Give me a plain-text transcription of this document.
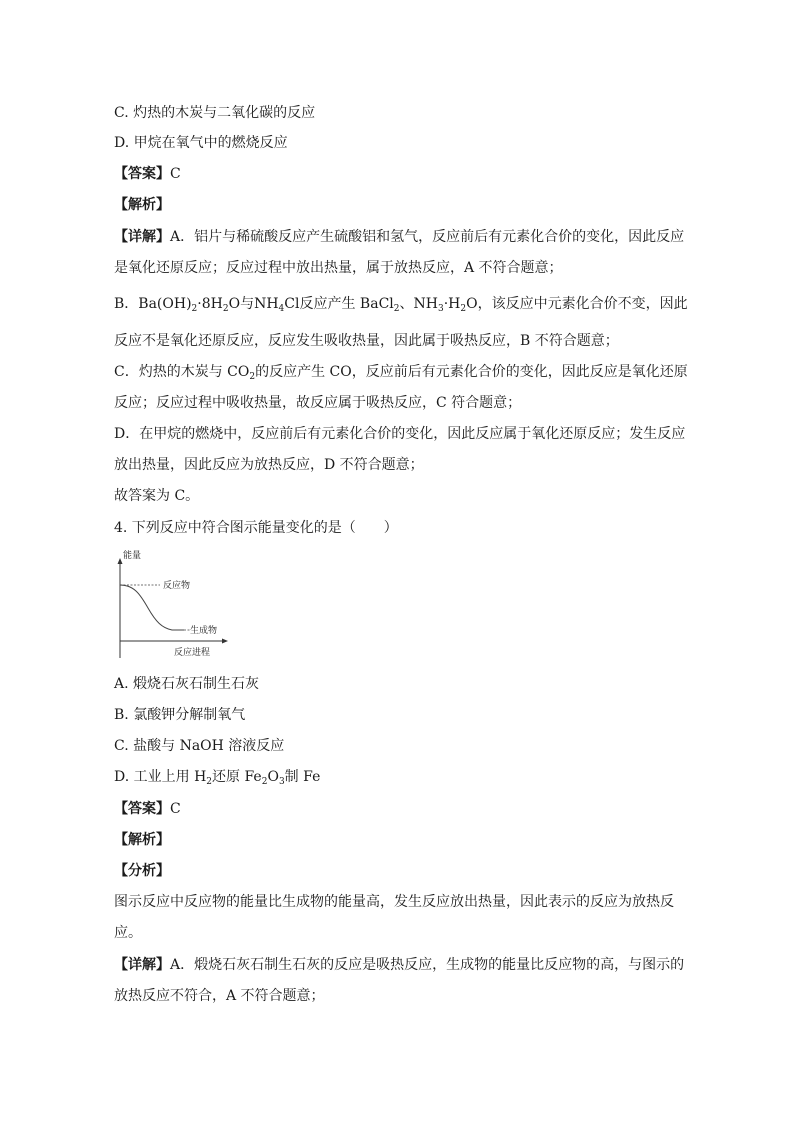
C. 灼热的木炭与二氧化碳的反应
D. 甲烷在氧气中的燃烧反应
【答案】C
【解析】
【详解】A．铝片与稀硫酸反应产生硫酸铝和氢气，反应前后有元素化合价的变化，因此反应
是氧化还原反应；反应过程中放出热量，属于放热反应，A 不符合题意；
B．$Ba(OH)_2\cdot 8H_2O$与$NH_4Cl$反应产生 BaCl$_2$、$NH_3\cdot H_2O$，该反应中元素化合价不变，因此
反应不是氧化还原反应，反应发生吸收热量，因此属于吸热反应，B 不符合题意；
C．灼热的木炭与 $CO_2$的反应产生 CO，反应前后有元素化合价的变化，因此反应是氧化还原
反应；反应过程中吸收热量，故反应属于吸热反应，C 符合题意；
D．在甲烷的燃烧中，反应前后有元素化合价的变化，因此反应属于氧化还原反应；发生反应
放出热量，因此反应为放热反应，D 不符合题意；
故答案为 C。
4. 下列反应中符合图示能量变化的是（　　）
能量
反应物
生成物
反应进程
A. 煅烧石灰石制生石灰
B. 氯酸钾分解制氧气
C. 盐酸与 NaOH 溶液反应
D. 工业上用 $H_2$还原 $Fe_2O_3$制 Fe
【答案】C
【解析】
【分析】
图示反应中反应物的能量比生成物的能量高，发生反应放出热量，因此表示的反应为放热反
应。
【详解】A．煅烧石灰石制生石灰的反应是吸热反应，生成物的能量比反应物的高，与图示的
放热反应不符合，A 不符合题意；
